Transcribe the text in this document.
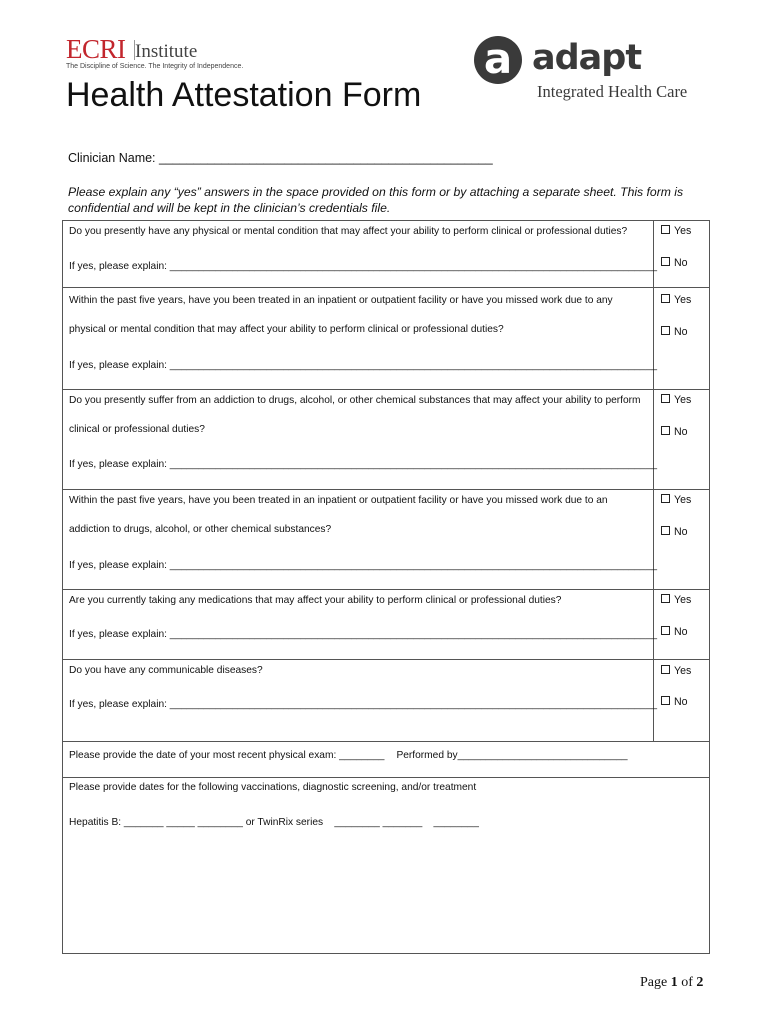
ECRI Institute
The Discipline of Science. The Integrity of Independence.	a adapt
Integrated Health Care
Health Attestation Form
Clinician Name: ________________________________________________
Please explain any “yes” answers in the space provided on this form or by attaching a separate sheet. This form is confidential and will be kept in the clinician’s credentials file.
Do you presently have any physical or mental condition that may affect your ability to perform clinical or professional duties?
If yes, please explain: ______________________________________________________________________________________
Yes
No
Within the past five years, have you been treated in an inpatient or outpatient facility or have you missed work due to any
physical or mental condition that may affect your ability to perform clinical or professional duties?
If yes, please explain: ______________________________________________________________________________________
Yes
No
Do you presently suffer from an addiction to drugs, alcohol, or other chemical substances that may affect your ability to perform
clinical or professional duties?
If yes, please explain: ______________________________________________________________________________________
Yes
No
Within the past five years, have you been treated in an inpatient or outpatient facility or have you missed work due to an
addiction to drugs, alcohol, or other chemical substances?
If yes, please explain: ______________________________________________________________________________________
Yes
No
Are you currently taking any medications that may affect your ability to perform clinical or professional duties?
If yes, please explain: ______________________________________________________________________________________
Yes
No
Do you have any communicable diseases?
If yes, please explain: ______________________________________________________________________________________
Yes
No
Please provide the date of your most recent physical exam: ________ Performed by______________________________
Please provide dates for the following vaccinations, diagnostic screening, and/or treatment
Hepatitis B: _______ _____ ________ or TwinRix series    ________ _______    ________
Page 1 of 2
